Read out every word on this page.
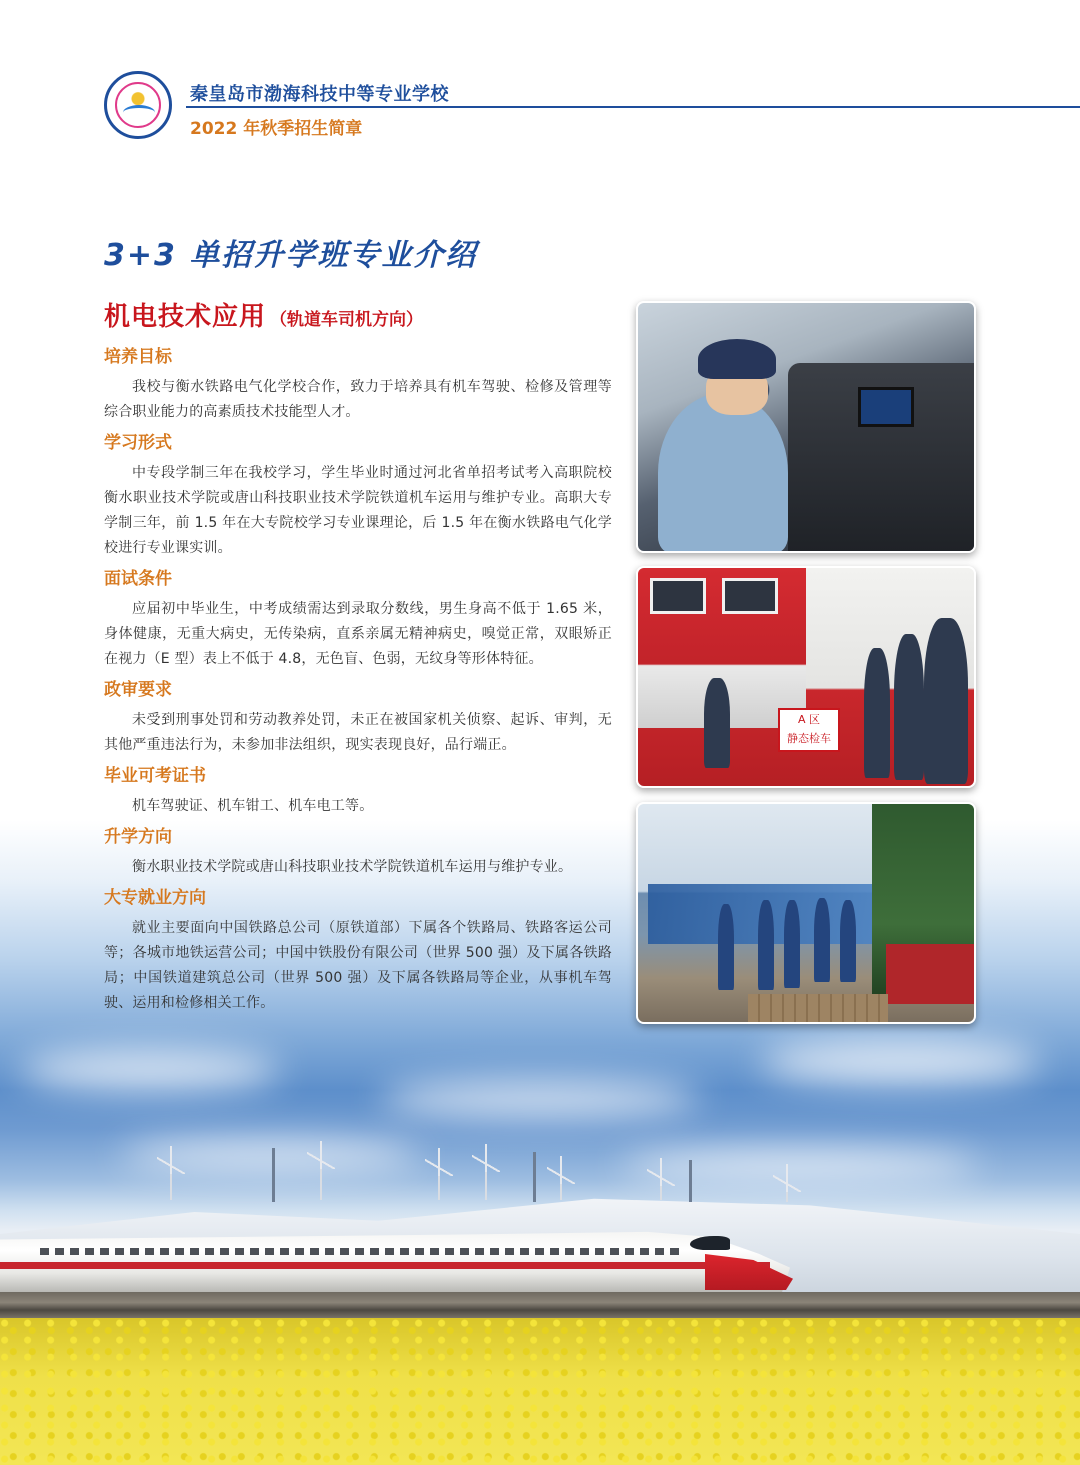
秦皇岛市渤海科技中等专业学校
2022 年秋季招生简章
3+3 单招升学班专业介绍
机电技术应用 （轨道车司机方向）
培养目标

我校与衡水铁路电气化学校合作，致力于培养具有机车驾驶、检修及管理等综合职业能力的高素质技术技能型人才。

学习形式

中专段学制三年在我校学习，学生毕业时通过河北省单招考试考入高职院校衡水职业技术学院或唐山科技职业技术学院铁道机车运用与维护专业。高职大专学制三年，前 1.5 年在大专院校学习专业课理论，后 1.5 年在衡水铁路电气化学校进行专业课实训。

面试条件

应届初中毕业生，中考成绩需达到录取分数线，男生身高不低于 1.65 米，身体健康，无重大病史，无传染病，直系亲属无精神病史，嗅觉正常，双眼矫正在视力（E 型）表上不低于 4.8，无色盲、色弱，无纹身等形体特征。

政审要求

未受到刑事处罚和劳动教养处罚，未正在被国家机关侦察、起诉、审判，无其他严重违法行为，未参加非法组织，现实表现良好，品行端正。

毕业可考证书

机车驾驶证、机车钳工、机车电工等。

升学方向

衡水职业技术学院或唐山科技职业技术学院铁道机车运用与维护专业。

大专就业方向

就业主要面向中国铁路总公司（原铁道部）下属各个铁路局、铁路客运公司等；各城市地铁运营公司；中国中铁股份有限公司（世界 500 强）及下属各铁路局；中国铁道建筑总公司（世界 500 强）及下属各铁路局等企业，从事机车驾驶、运用和检修相关工作。

A 区
静态检车
